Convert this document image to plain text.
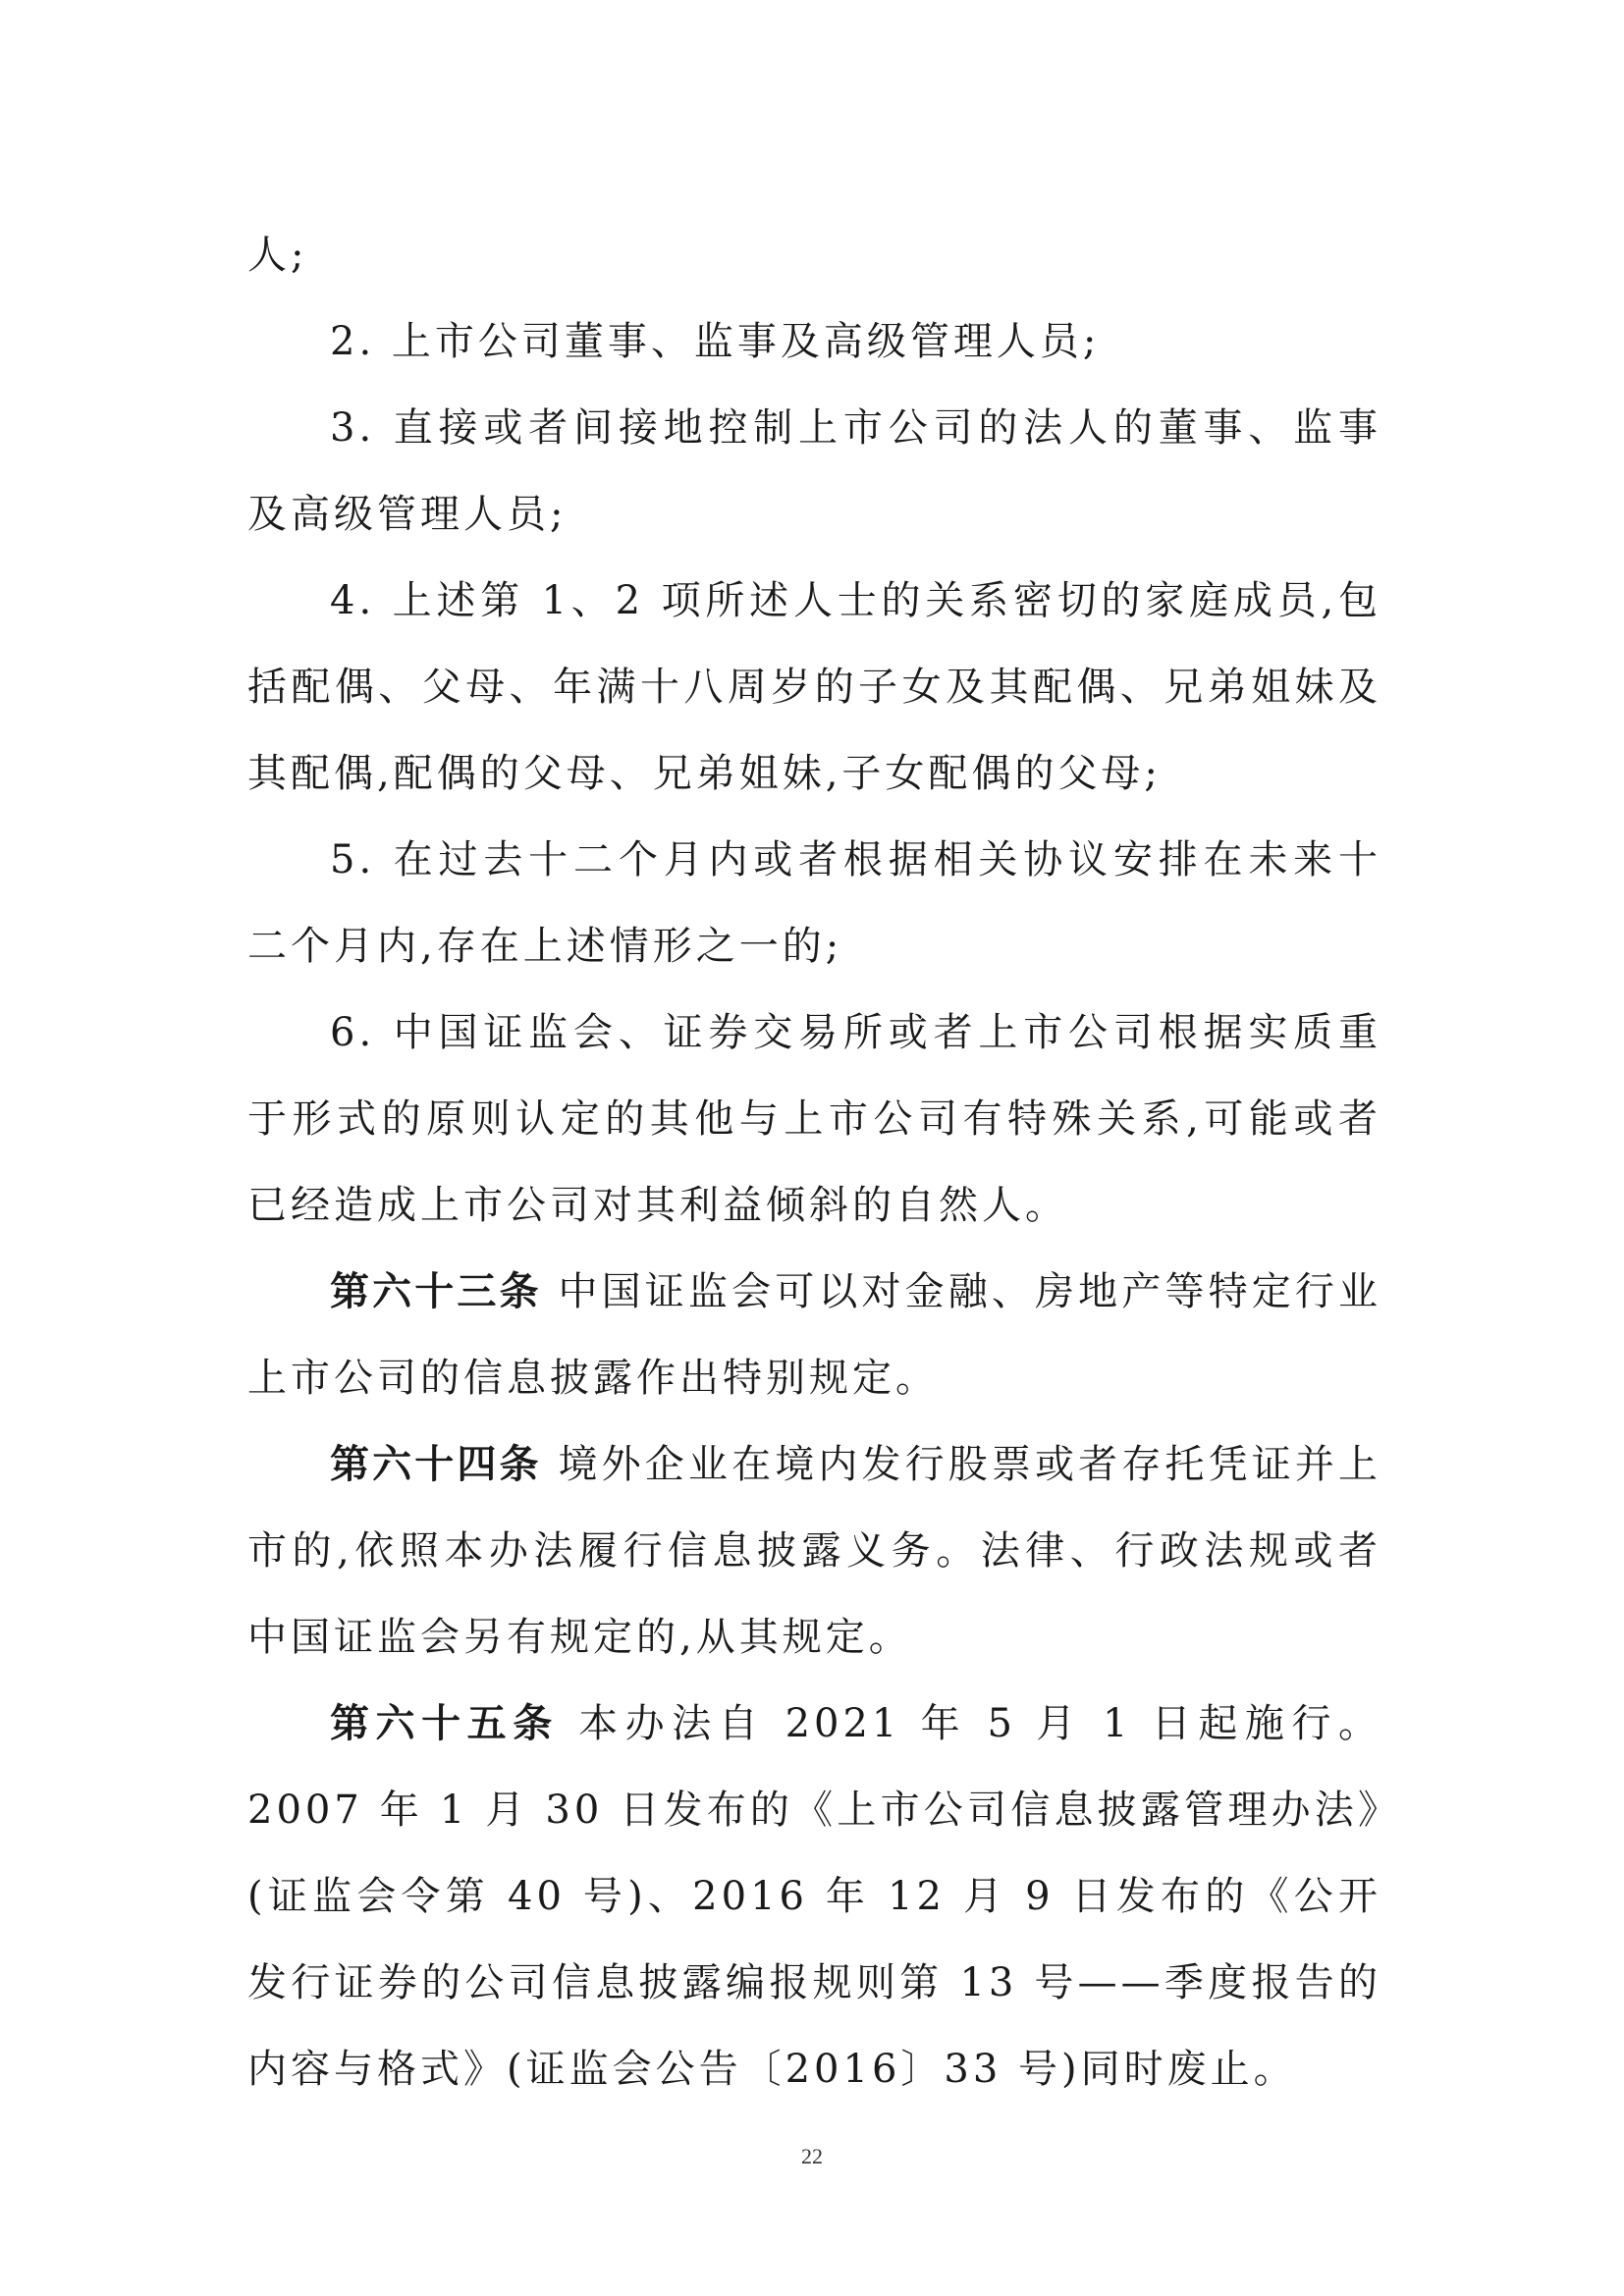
人;

2. 上市公司董事、监事及高级管理人员;

3. 直接或者间接地控制上市公司的法人的董事、监事及高级管理人员;

4. 上述第 1、2 项所述人士的关系密切的家庭成员,包括配偶、父母、年满十八周岁的子女及其配偶、兄弟姐妹及其配偶,配偶的父母、兄弟姐妹,子女配偶的父母;

5. 在过去十二个月内或者根据相关协议安排在未来十二个月内,存在上述情形之一的;

6. 中国证监会、证券交易所或者上市公司根据实质重于形式的原则认定的其他与上市公司有特殊关系,可能或者已经造成上市公司对其利益倾斜的自然人。

第六十三条 中国证监会可以对金融、房地产等特定行业上市公司的信息披露作出特别规定。

第六十四条 境外企业在境内发行股票或者存托凭证并上市的,依照本办法履行信息披露义务。法律、行政法规或者中国证监会另有规定的,从其规定。

第六十五条 本办法自 2021 年 5 月 1 日起施行。2007 年 1 月 30 日发布的《上市公司信息披露管理办法》(证监会令第 40 号)、2016 年 12 月 9 日发布的《公开发行证券的公司信息披露编报规则第 13 号——季度报告的内容与格式》(证监会公告〔2016〕33 号)同时废止。

22
